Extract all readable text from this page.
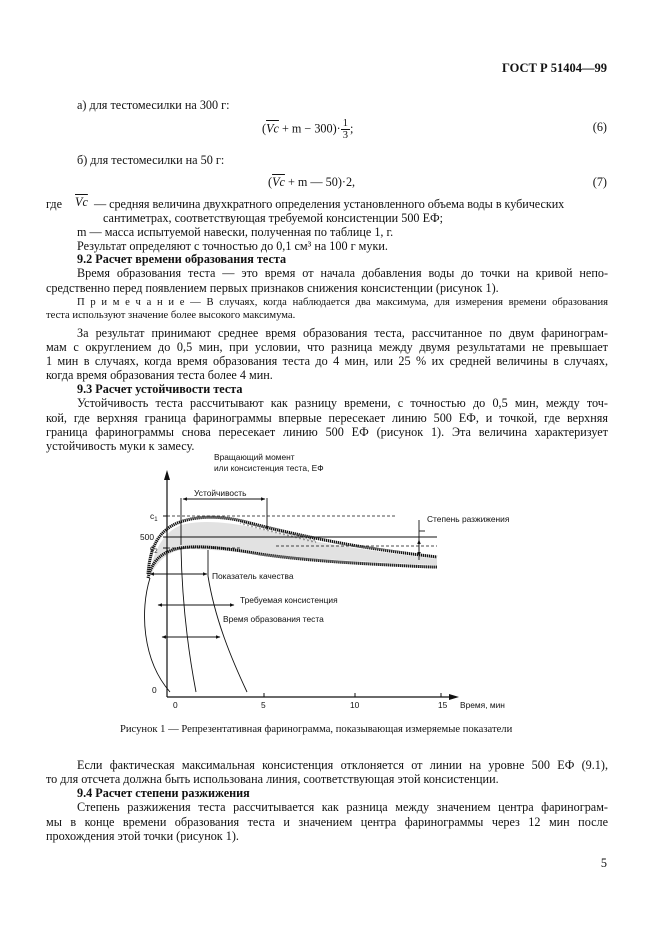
ГОСТ Р 51404—99
а) для тестомесилки на 300 г:
$(\overline{Vc} + m - 300)\cdot \frac{1}{3}$ ;	(6)
б) для тестомесилки на 50 г:
($\overline{Vc} + m$ — 50)·2,	(7)
где $\overline{Vc}$ — средняя величина двухкратного определения установленного объема воды в кубических
сантиметрах, соответствующая требуемой консистенции 500 ЕФ;
m — масса испытуемой навески, полученная по таблице 1, г.
Результат определяют с точностью до 0,1 см³ на 100 г муки.
9.2 Расчет времени образования теста
Время образования теста — это время от начала добавления воды до точки на кривой непо-
средственно перед появлением первых признаков снижения консистенции (рисунок 1).
П р и м е ч а н и е — В случаях, когда наблюдается два максимума, для измерения времени образования
теста используют значение более высокого максимума.
За результат принимают среднее время образования теста, рассчитанное по двум фаринограм-
мам с округлением до 0,5 мин, при условии, что разница между двумя результатами не превышает
1 мин в случаях, когда время образования теста до 4 мин, или 25 % их средней величины в случаях,
когда время образования теста более 4 мин.
9.3 Расчет устойчивости теста
Устойчивость теста рассчитывают как разницу времени, с точностью до 0,5 мин, между точ-
кой, где верхняя граница фаринограммы впервые пересекает линию 500 ЕФ, и точкой, где верхняя
граница фаринограммы снова пересекает линию 500 ЕФ (рисунок 1). Эта величина характеризует
устойчивость муки к замесу.
Вращающий момент
или консистенция теста, ЕФ
$c_1$
500
$c_2$
0
0	5	10	15 Время, мин
Устойчивость
Степень разжижения
Показатель качества
Требуемая консистенция
Время образования теста
Рисунок 1 — Репрезентативная фаринограмма, показывающая измеряемые показатели
Если фактическая максимальная консистенция отклоняется от линии на уровне 500 ЕФ (9.1),
то для отсчета должна быть использована линия, соответствующая этой консистенции.
9.4 Расчет степени разжижения
Степень разжижения теста рассчитывается как разница между значением центра фаринограм-
мы в конце времени образования теста и значением центра фаринограммы через 12 мин после
прохождения этой точки (рисунок 1).
5
